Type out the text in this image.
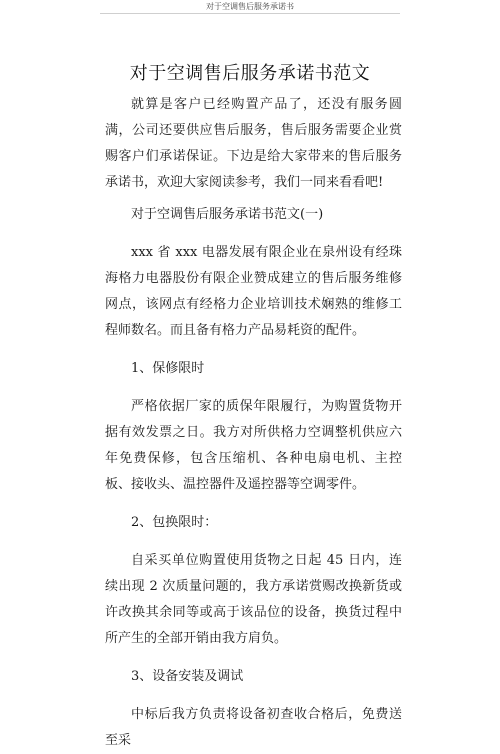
对于空调售后服务承诺书
对于空调售后服务承诺书范文

就算是客户已经购置产品了，还没有服务圆满，公司还要供应售后服务，售后服务需要企业赏赐客户们承诺保证。下边是给大家带来的售后服务承诺书，欢迎大家阅读参考，我们一同来看看吧!

对于空调售后服务承诺书范文(一)

xxx 省 xxx 电器发展有限企业在泉州设有经珠海格力电器股份有限企业赞成建立的售后服务维修网点，该网点有经格力企业培训技术娴熟的维修工程师数名。而且备有格力产品易耗资的配件。

1、保修限时

严格依据厂家的质保年限履行，为购置货物开据有效发票之日。我方对所供格力空调整机供应六年免费保修，包含压缩机、各种电扇电机、主控板、接收头、温控器件及遥控器等空调零件。

2、包换限时：

自采买单位购置使用货物之日起 45 日内，连续出现 2 次质量问题的，我方承诺赏赐改换新货或许改换其余同等或高于该品位的设备，换货过程中所产生的全部开销由我方肩负。

3、设备安装及调试

中标后我方负责将设备初查收合格后，免费送至采
